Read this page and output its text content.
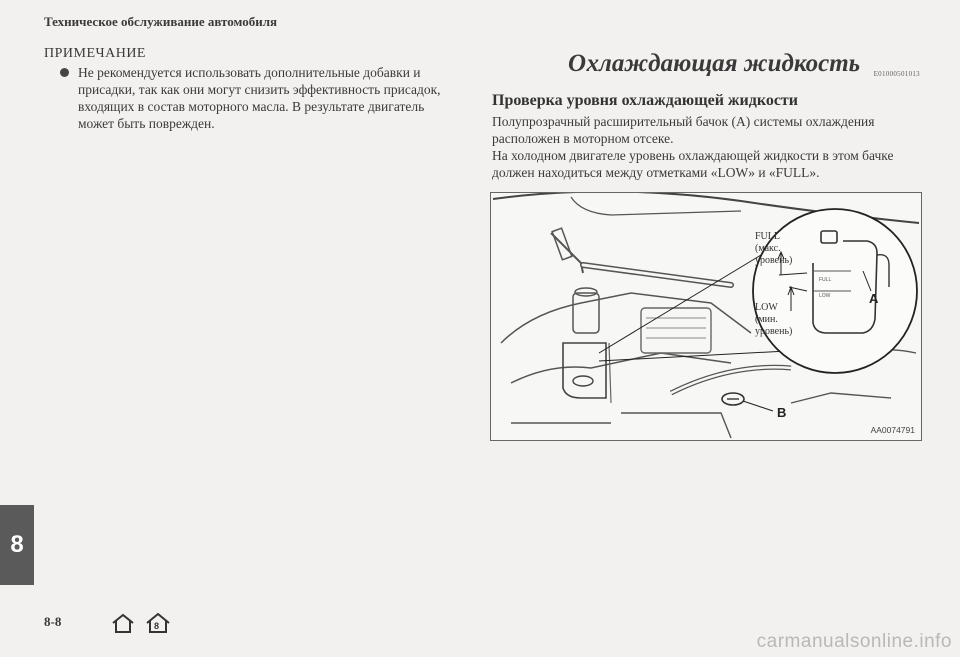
Техническое обслуживание автомобиля
ПРИМЕЧАНИЕ
Не рекомендуется использовать дополнительные добавки и
присадки, так как они могут снизить эффективность присадок,
входящих в состав моторного масла. В результате двигатель
может быть поврежден.
Охлаждающая жидкость E01000501013
Проверка уровня охлаждающей жидкости

Полупрозрачный расширительный бачок (A) системы охлаждения

расположен в моторном отсеке.

На холодном двигателе уровень охлаждающей жидкости в этом бачке

должен находиться между отметками «LOW» и «FULL».

B
FULL
LOW	A
FULL
(макс.
уровень)
LOW
(мин.
уровень)
AA0074791
8
8-8	8
carmanualsonline.info
